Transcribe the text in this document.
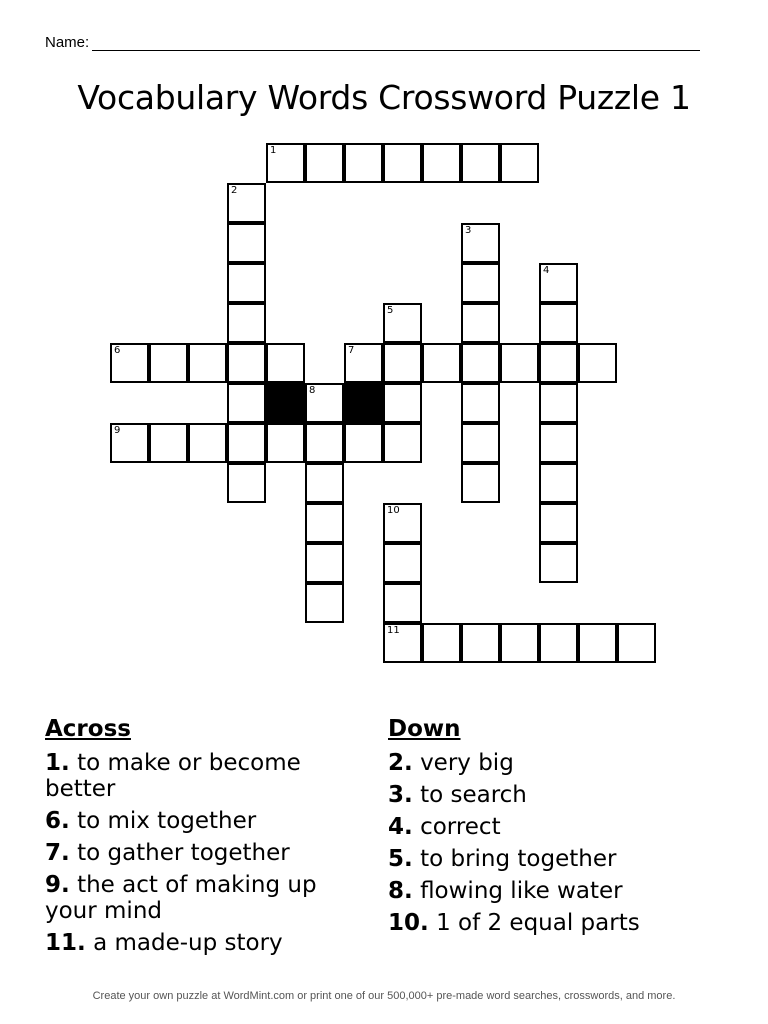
Name:
Vocabulary Words Crossword Puzzle 1
1
2
3
4
5
6	7
8
9
10
11
Across
1. to make or become better
6. to mix together
7. to gather together
9. the act of making up your mind
11. a made-up story
Down
2. very big
3. to search
4. correct
5. to bring together
8. flowing like water
10. 1 of 2 equal parts
Create your own puzzle at WordMint.com or print one of our 500,000+ pre-made word searches, crosswords, and more.
